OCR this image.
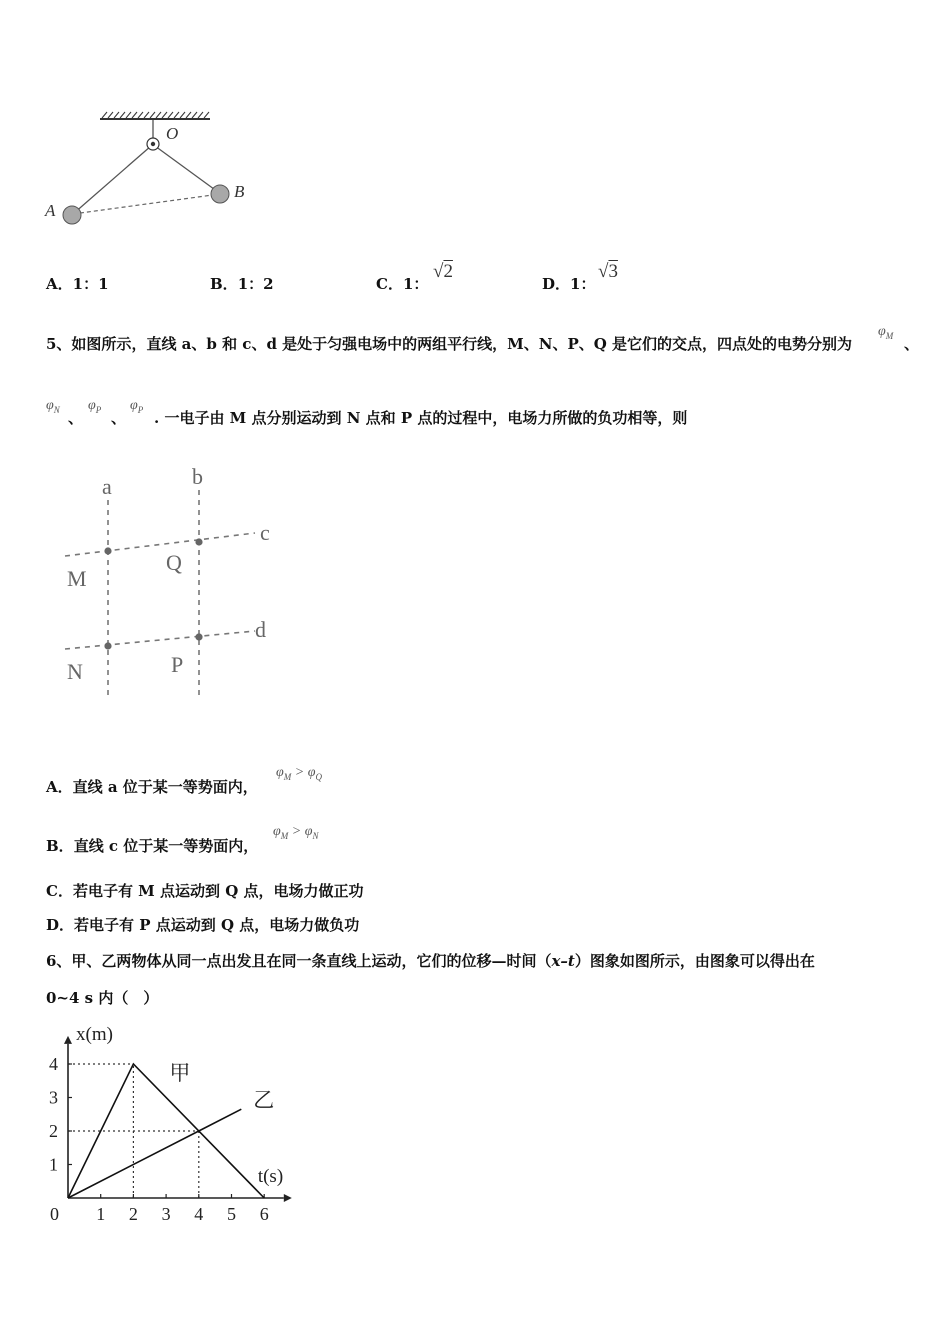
O
A
B
A．1：1	B．1：2	C．1：
√2
D．1：
√3
5、如图所示，直线 a、b 和 c、d 是处于匀强电场中的两组平行线，M、N、P、Q 是它们的交点，四点处的电势分别为
$\varphi_M$ 、
$\varphi_N$ 、
$\varphi_P$ 、
$\varphi_P$ . 一电子由 M 点分别运动到 N 点和 P 点的过程中，电场力所做的负功相等，则
a	b
c
d
M
Q
N	P
A．直线 a 位于某一等势面内，
$\varphi_M > \varphi_Q$
B．直线 c 位于某一等势面内，
$\varphi_M > \varphi_N$
C．若电子有 M 点运动到 Q 点，电场力做正功
D．若电子有 P 点运动到 Q 点，电场力做负功
6、甲、乙两物体从同一点出发且在同一条直线上运动，它们的位移—时间（x–t）图象如图所示，由图象可以得出在
0~4 s 内（　）
1 2 3 4 5 6
1
2
3
4
0
x(m)
t(s)
甲
乙
